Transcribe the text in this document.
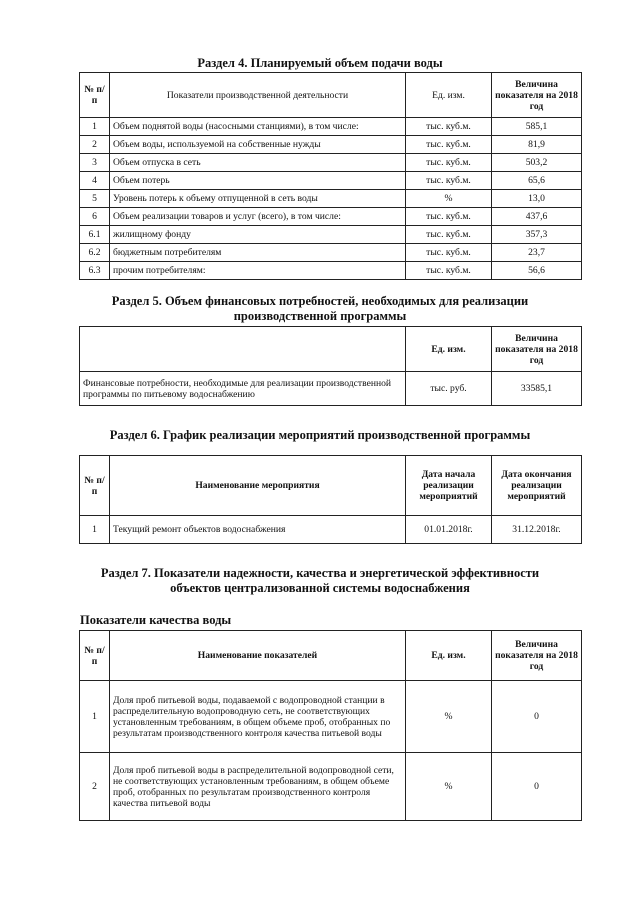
Раздел 4. Планируемый объем подачи воды
№ п/п	Показатели производственной деятельности	Ед. изм.	Величина показателя на 2018 год
1	Объем поднятой воды (насосными станциями), в том числе:	тыс. куб.м.	585,1
2	Объем воды, используемой на собственные нужды	тыс. куб.м.	81,9
3	Объем отпуска в сеть	тыс. куб.м.	503,2
4	Объем потерь	тыс. куб.м.	65,6
5	Уровень потерь к объему отпущенной в сеть воды	%	13,0
6	Объем реализации товаров и услуг (всего), в том числе:	тыс. куб.м.	437,6
6.1	жилищному фонду	тыс. куб.м.	357,3
6.2	бюджетным потребителям	тыс. куб.м.	23,7
6.3	прочим потребителям:	тыс. куб.м.	56,6
Раздел 5. Объем финансовых потребностей, необходимых для реализации
производственной программы
	Ед. изм.	Величина показателя на 2018 год
Финансовые потребности, необходимые для реализации производственной программы по питьевому водоснабжению	тыс. руб.	33585,1
Раздел 6. График реализации мероприятий производственной программы
№ п/п	Наименование мероприятия	Дата начала реализации мероприятий	Дата окончания реализации мероприятий
1	Текущий ремонт объектов водоснабжения	01.01.2018г.	31.12.2018г.
Раздел 7. Показатели надежности, качества и энергетической эффективности
объектов централизованной системы водоснабжения
Показатели качества воды
№ п/п	Наименование показателей	Ед. изм.	Величина показателя на 2018 год
1	Доля проб питьевой воды, подаваемой с водопроводной станции в распределительную водопроводную сеть, не соответствующих установленным требованиям, в общем объеме проб, отобранных по результатам производственного контроля качества питьевой воды	%	0
2	Доля проб питьевой воды в распределительной водопроводной сети, не соответствующих установленным требованиям, в общем объеме проб, отобранных по результатам производственного контроля качества питьевой воды	%	0
